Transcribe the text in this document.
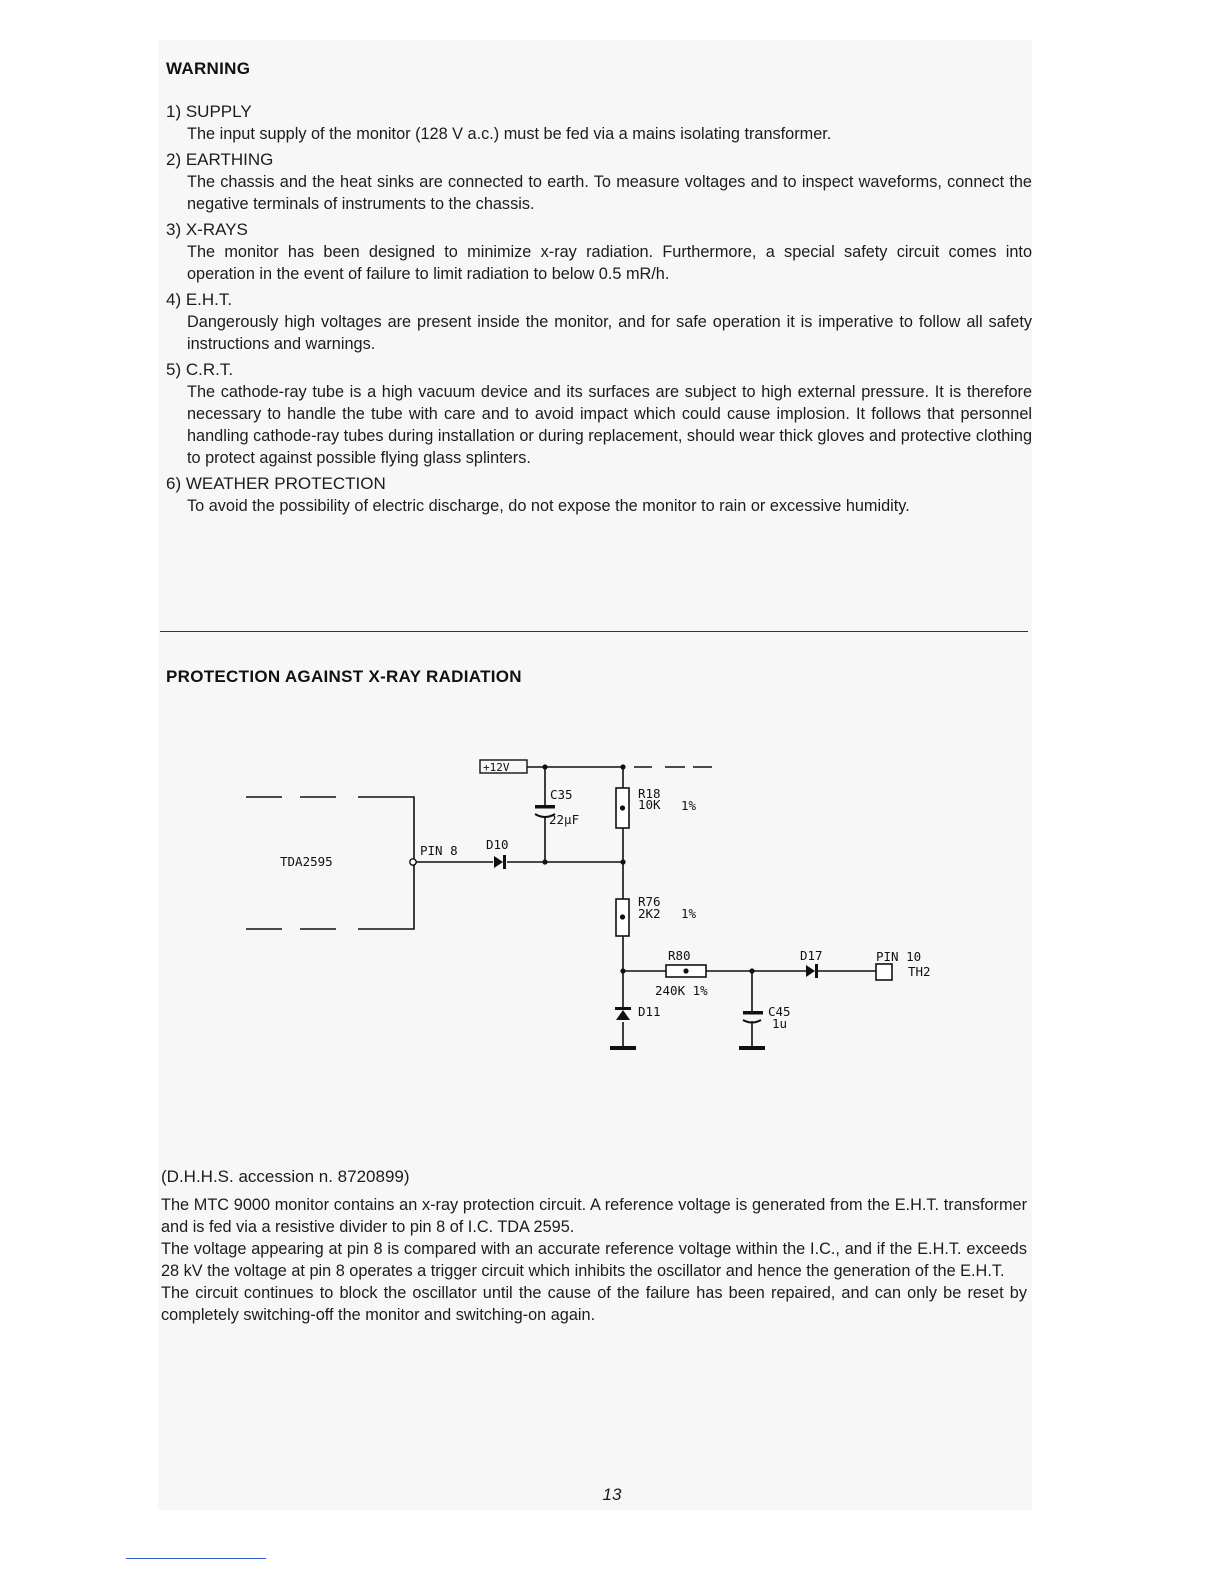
WARNING
1) SUPPLY
The input supply of the monitor (128 V a.c.) must be fed via a mains isolating transformer.
2) EARTHING
The chassis and the heat sinks are connected to earth. To measure voltages and to inspect waveforms, connect the negative terminals of instruments to the chassis.
3) X-RAYS
The monitor has been designed to minimize x-ray radiation. Furthermore, a special safety circuit comes into operation in the event of failure to limit radiation to below 0.5 mR/h.
4) E.H.T.
Dangerously high voltages are present inside the monitor, and for safe operation it is imperative to follow all safety instructions and warnings.
5) C.R.T.
The cathode-ray tube is a high vacuum device and its surfaces are subject to high external pressure. It is therefore necessary to handle the tube with care and to avoid impact which could cause implosion. It follows that personnel handling cathode-ray tubes during installation or during replacement, should wear thick gloves and protective clothing to protect against possible flying glass splinters.
6) WEATHER PROTECTION
To avoid the possibility of electric discharge, do not expose the monitor to rain or excessive humidity.
PROTECTION AGAINST X-RAY RADIATION
+12V
TDA2595
PIN 8 D10
C35
22µF
R18
10K 1%
R76
2K2 1%
R80
240K 1%
D11
D17
C45
1u
PIN 10
TH2

(D.H.H.S. accession n. 8720899)

The MTC 9000 monitor contains an x-ray protection circuit. A reference voltage is generated from the E.H.T. transformer and is fed via a resistive divider to pin 8 of I.C. TDA 2595.

The voltage appearing at pin 8 is compared with an accurate reference voltage within the I.C., and if the E.H.T. exceeds 28 kV the voltage at pin 8 operates a trigger circuit which inhibits the oscillator and hence the generation of the E.H.T.

The circuit continues to block the oscillator until the cause of the failure has been repaired, and can only be reset by completely switching-off the monitor and switching-on again.

13
